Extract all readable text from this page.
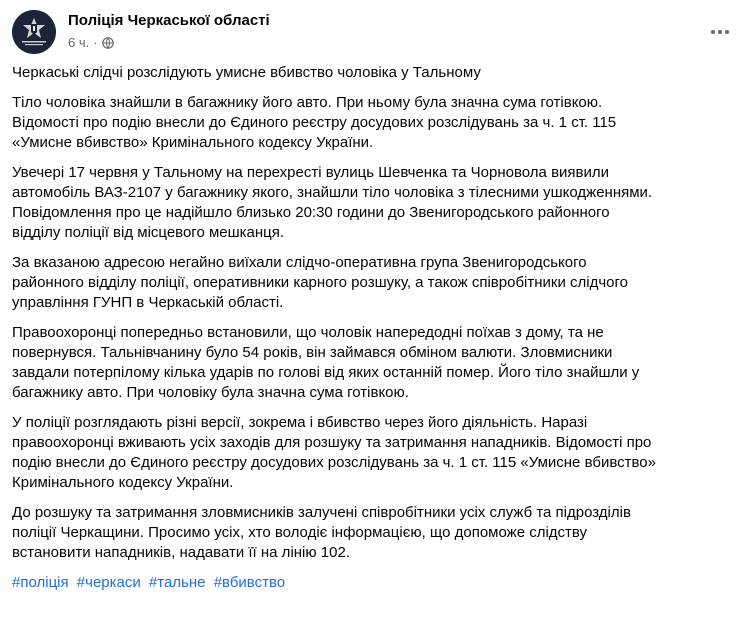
Поліція Черкаської області
6 ч. ·
Черкаські слідчі розслідують умисне вбивство чоловіка у Тальному
Тіло чоловіка знайшли в багажнику його авто. При ньому була значна сума готівкою.
Відомості про подію внесли до Єдиного реєстру досудових розслідувань за ч. 1 ст. 115
«Умисне вбивство» Кримінального кодексу України.
Увечері 17 червня у Тальному на перехресті вулиць Шевченка та Чорновола виявили
автомобіль ВАЗ-2107 у багажнику якого, знайшли тіло чоловіка з тілесними ушкодженнями.
Повідомлення про це надійшло близько 20:30 години до Звенигородського районного
відділу поліції від місцевого мешканця.
За вказаною адресою негайно виїхали слідчо-оперативна група Звенигородського
районного відділу поліції, оперативники карного розшуку, а також співробітники слідчого
управління ГУНП в Черкаській області.
Правоохоронці попередньо встановили, що чоловік напередодні поїхав з дому, та не
повернувся. Тальнівчанину було 54 років, він займався обміном валюти. Зловмисники
завдали потерпілому кілька ударів по голові від яких останній помер. Його тіло знайшли у
багажнику авто. При чоловіку була значна сума готівкою.
У поліції розглядають різні версії, зокрема і вбивство через його діяльність. Наразі
правоохоронці вживають усіх заходів для розшуку та затримання нападників. Відомості про
подію внесли до Єдиного реєстру досудових розслідувань за ч. 1 ст. 115 «Умисне вбивство»
Кримінального кодексу України.
До розшуку та затримання зловмисників залучені співробітники усіх служб та підрозділів
поліції Черкащини. Просимо усіх, хто володіє інформацією, що допоможе слідству
встановити нападників, надавати її на лінію 102.
#поліція #черкаси #тальне #вбивство
